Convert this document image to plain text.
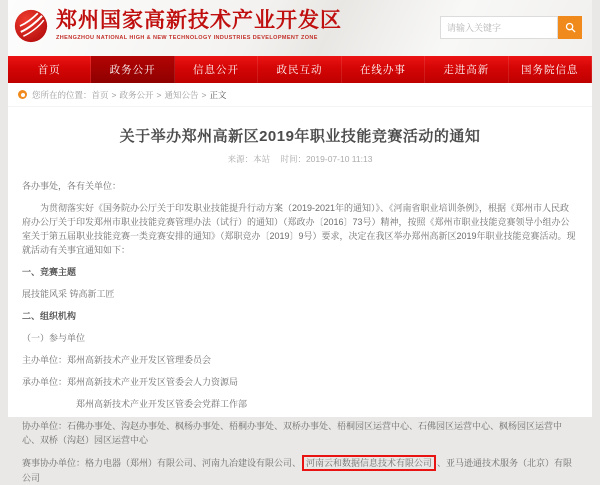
郑州国家高新技术产业开发区
ZHENGZHOU NATIONAL HIGH & NEW TECHNOLOGY INDUSTRIES DEVELOPMENT ZONE
请输入关键字
首页	政务公开	信息公开	政民互动	在线办事	走进高新	国务院信息
您所在的位置： 首页 > 政务公开 > 通知公告 > 正文
关于举办郑州高新区2019年职业技能竞赛活动的通知
来源：本站 时间：2019-07-10 11:13

各办事处，各有关单位：

为贯彻落实好《国务院办公厅关于印发职业技能提升行动方案（2019-2021年的通知）》、《河南省职业培训条例》，根据《郑州市人民政府办公厅关于印发郑州市职业技能竞赛管理办法（试行）的通知）（郑政办〔2016〕73号）精神，按照《郑州市职业技能竞赛领导小组办公室关于第五届职业技能竞赛一类竞赛安排的通知》（郑职竞办〔2019〕9号）要求，决定在我区举办郑州高新区2019年职业技能竞赛活动。现就活动有关事宜通知如下：

一、竞赛主题

展技能风采 铸高新工匠

二、组织机构

（一）参与单位

主办单位：郑州高新技术产业开发区管理委员会

承办单位：郑州高新技术产业开发区管委会人力资源局

郑州高新技术产业开发区管委会党群工作部

协办单位：石佛办事处、沟赵办事处、枫杨办事处、梧桐办事处、双桥办事处、梧桐园区运营中心、石佛园区运营中心、枫杨园区运营中心、双桥（沟赵）园区运营中心

赛事协办单位：格力电器（郑州）有限公司、河南九冶建设有限公司、 河南云和数据信息技术有限公司 、亚马逊通技术服务（北京）有限公司
